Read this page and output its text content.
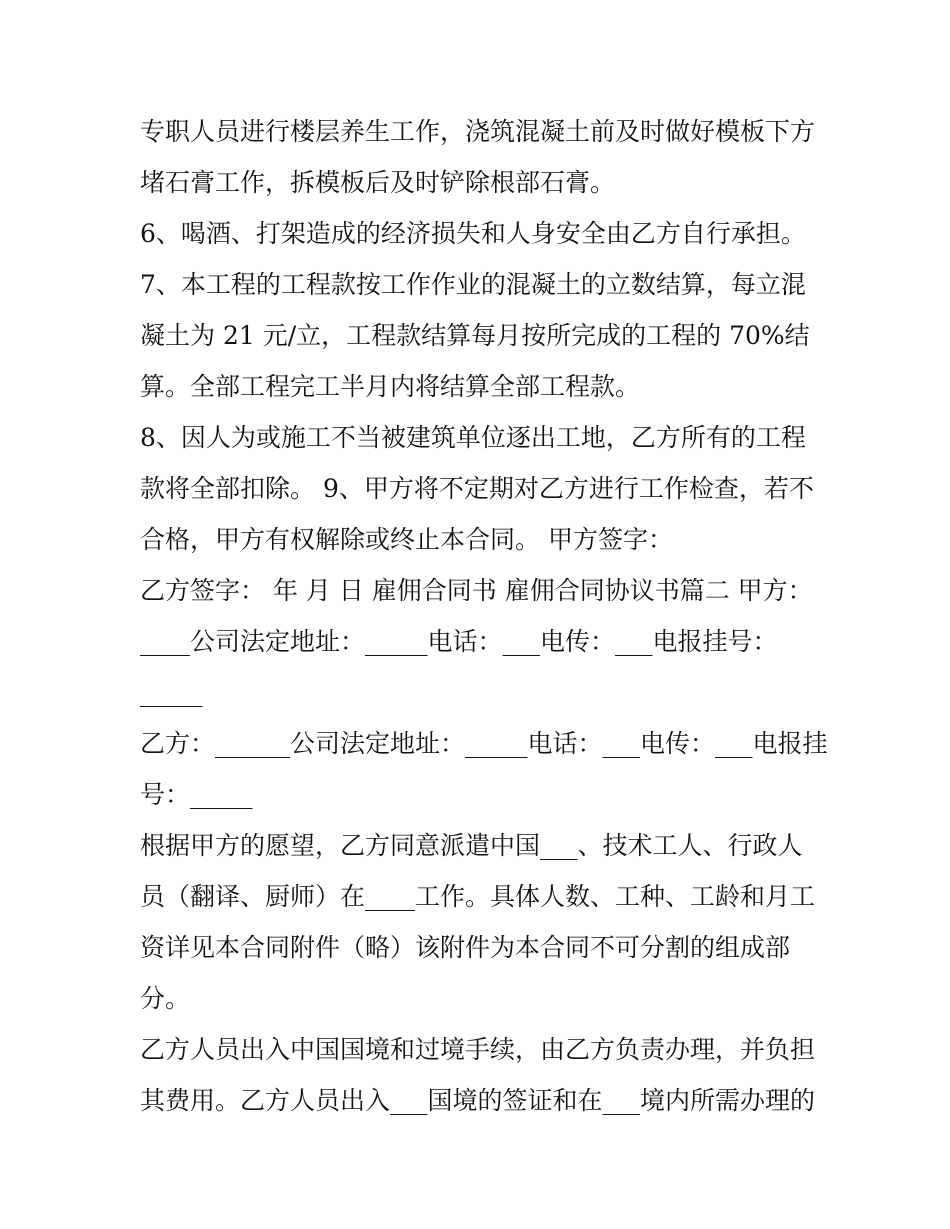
专职人员进行楼层养生工作，浇筑混凝土前及时做好模板下方
堵石膏工作，拆模板后及时铲除根部石膏。
6、喝酒、打架造成的经济损失和人身安全由乙方自行承担。
7、本工程的工程款按工作作业的混凝土的立数结算，每立混
凝土为 21 元/立，工程款结算每月按所完成的工程的 70%结
算。全部工程完工半月内将结算全部工程款。
8、因人为或施工不当被建筑单位逐出工地，乙方所有的工程
款将全部扣除。 9、甲方将不定期对乙方进行工作检查，若不
合格，甲方有权解除或终止本合同。 甲方签字：
乙方签字： 年 月 日 雇佣合同书 雇佣合同协议书篇二 甲方：
____公司法定地址：_____电话：___电传：___电报挂号：
_____
乙方：______公司法定地址：_____电话：___电传：___电报挂
号：_____
根据甲方的愿望，乙方同意派遣中国___、技术工人、行政人
员（翻译、厨师）在____工作。具体人数、工种、工龄和月工
资详见本合同附件（略）该附件为本合同不可分割的组成部
分。
乙方人员出入中国国境和过境手续，由乙方负责办理，并负担
其费用。乙方人员出入___国境的签证和在___境内所需办理的
